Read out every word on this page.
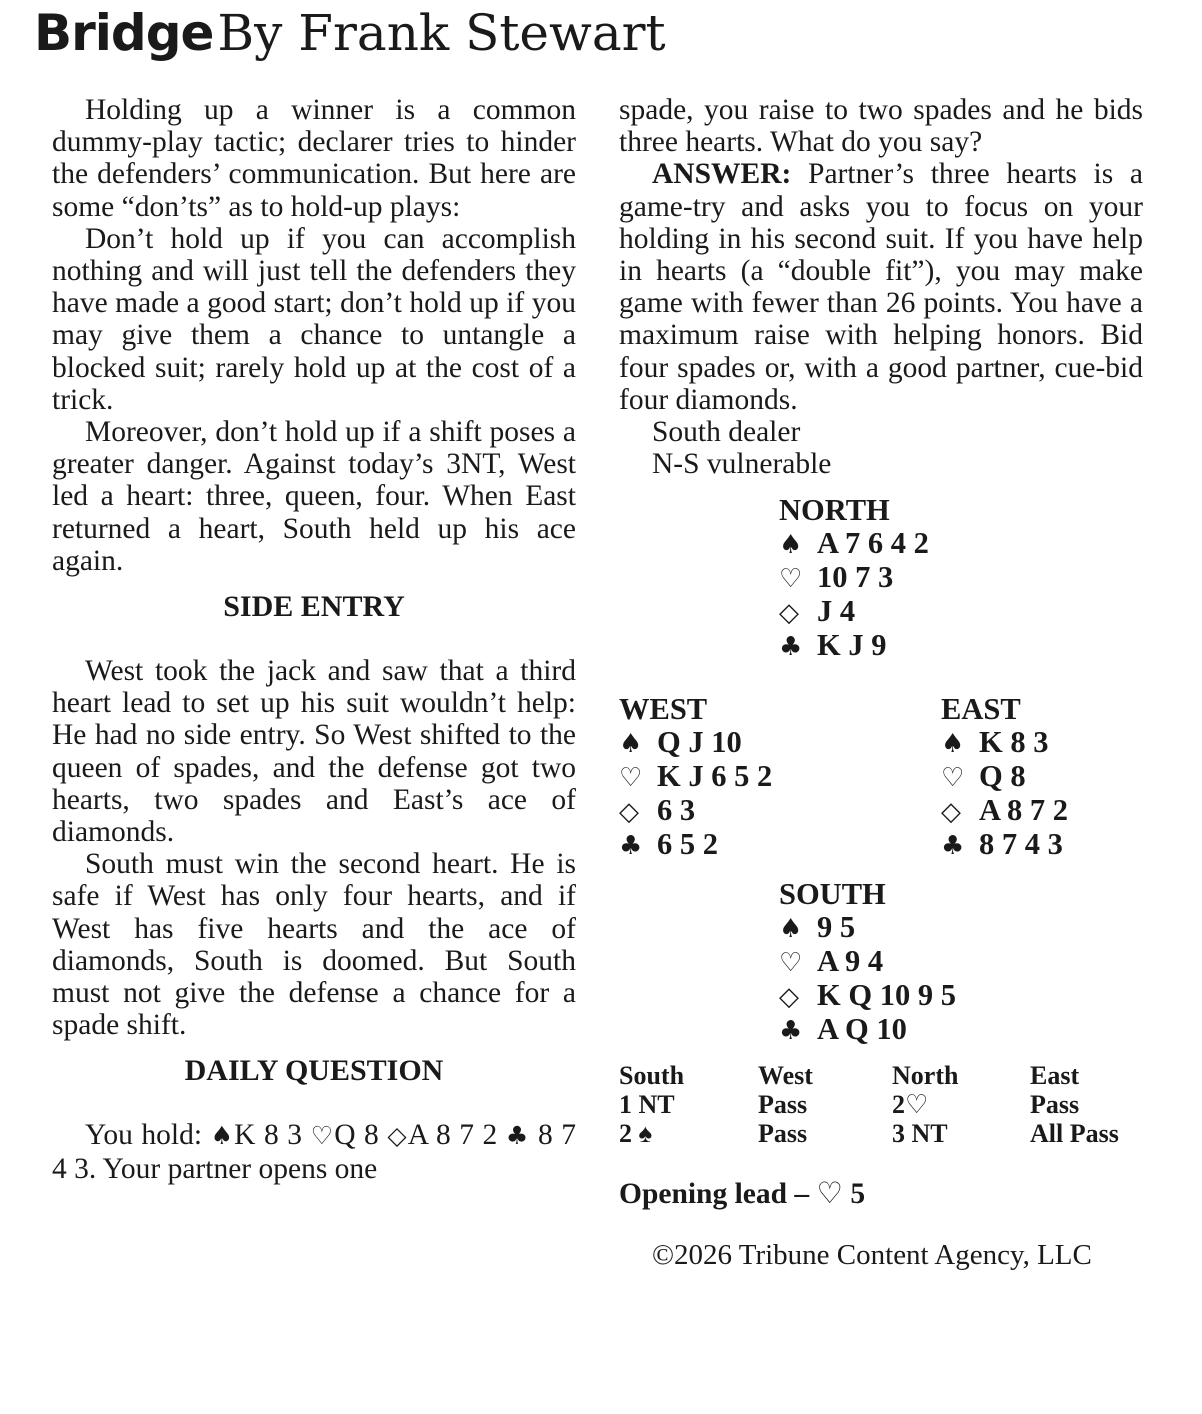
Bridge By Frank Stewart

Holding up a winner is a common dummy-play tactic; declarer tries to hinder the defenders’ communication. But here are some “don’ts” as to hold-up plays:

Don’t hold up if you can accomplish nothing and will just tell the defenders they have made a good start; don’t hold up if you may give them a chance to untangle a blocked suit; rarely hold up at the cost of a trick.

Moreover, don’t hold up if a shift poses a greater danger. Against today’s 3NT, West led a heart: three, queen, four. When East returned a heart, South held up his ace again.

SIDE ENTRY

West took the jack and saw that a third heart lead to set up his suit wouldn’t help: He had no side entry. So West shifted to the queen of spades, and the defense got two hearts, two spades and East’s ace of diamonds.

South must win the second heart. He is safe if West has only four hearts, and if West has five hearts and the ace of diamonds, South is doomed. But South must not give the defense a chance for a spade shift.

DAILY QUESTION

You hold: ♠K 8 3 ♡Q 8 ◇A 8 7 2 ♣ 8 7 4 3. Your partner opens one

spade, you raise to two spades and he bids three hearts. What do you say?

ANSWER: Partner’s three hearts is a game-try and asks you to focus on your holding in his second suit. If you have help in hearts (a “double fit”), you may make game with fewer than 26 points. You have a maximum raise with helping honors. Bid four spades or, with a good partner, cue-bid four diamonds.

South dealer
N-S vulnerable
NORTH
♠ A 7 6 4 2
♡ 10 7 3
◇ J 4
♣ K J 9
WEST
♠ Q J 10
♡ K J 6 5 2
◇ 6 3
♣ 6 5 2
EAST
♠ K 8 3
♡ Q 8
◇ A 8 7 2
♣ 8 7 4 3
SOUTH
♠ 9 5
♡ A 9 4
◇ K Q 10 9 5
♣ A Q 10
South	West	North	East
1 NT	Pass	2♡	Pass
2 ♠	Pass	3 NT	All Pass
Opening lead – ♡ 5
©2026 Tribune Content Agency, LLC
